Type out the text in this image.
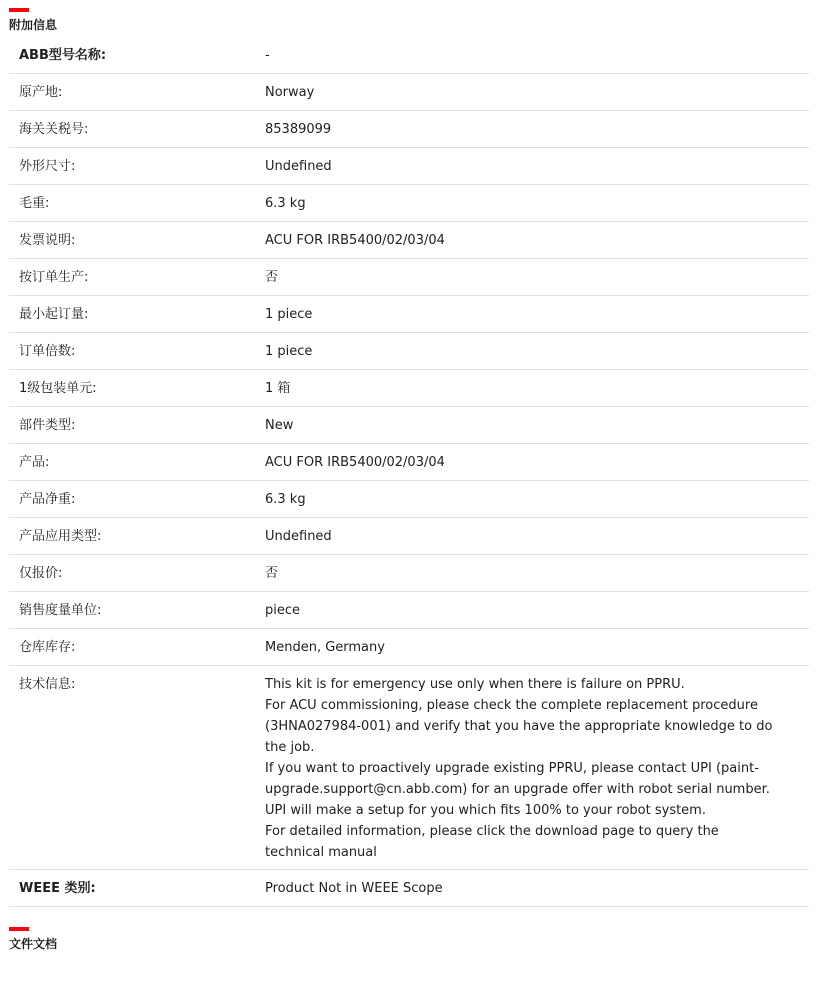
附加信息
ABB型号名称:	-
原产地:	Norway
海关关税号:	85389099
外形尺寸:	Undefined
毛重:	6.3 kg
发票说明:	ACU FOR IRB5400/02/03/04
按订单生产:	否
最小起订量:	1 piece
订单倍数:	1 piece
1级包装单元:	1 箱
部件类型:	New
产品:	ACU FOR IRB5400/02/03/04
产品净重:	6.3 kg
产品应用类型:	Undefined
仅报价:	否
销售度量单位:	piece
仓库库存:	Menden, Germany
技术信息:	This kit is for emergency use only when there is failure on PPRU.
For ACU commissioning, please check the complete replacement procedure (3HNA027984-001) and verify that you have the appropriate knowledge to do the job.
If you want to proactively upgrade existing PPRU, please contact UPI (paint-upgrade.support@cn.abb.com) for an upgrade offer with robot serial number. UPI will make a setup for you which fits 100% to your robot system.
For detailed information, please click the download page to query the technical manual
WEEE 类别:	Product Not in WEEE Scope
文件文档
